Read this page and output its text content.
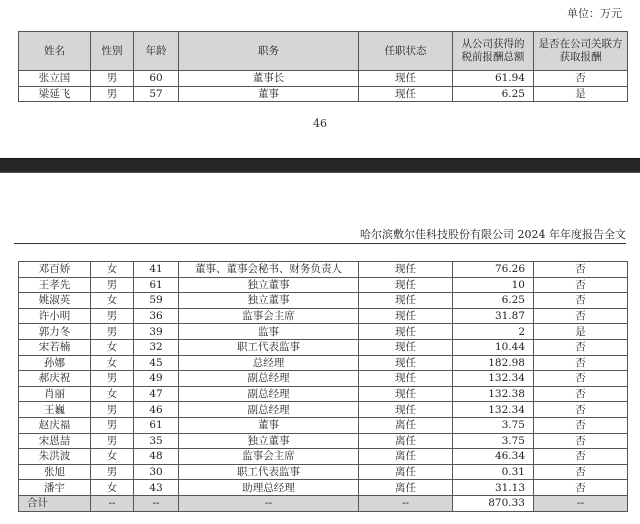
单位：万元
姓名	性别	年龄	职务	任职状态	从公司获得的税前报酬总额	是否在公司关联方获取报酬
张立国	男	60	董事长	现任	61.94	否
梁延飞	男	57	董事	现任	6.25	是
46
哈尔滨敷尔佳科技股份有限公司 2024 年年度报告全文
邓百娇	女	41	董事、董事会秘书、财务负责人	现任	76.26	否
王孝先	男	61	独立董事	现任	10	否
姚淑英	女	59	独立董事	现任	6.25	否
许小明	男	36	监事会主席	现任	31.87	否
郭力冬	男	39	监事	现任	2	是
宋若楠	女	32	职工代表监事	现任	10.44	否
孙娜	女	45	总经理	现任	182.98	否
郝庆祝	男	49	副总经理	现任	132.34	否
肖丽	女	47	副总经理	现任	132.38	否
王巍	男	46	副总经理	现任	132.34	否
赵庆福	男	61	董事	离任	3.75	否
宋恩喆	男	35	独立董事	离任	3.75	否
朱洪波	女	48	监事会主席	离任	46.34	否
张旭	男	30	职工代表监事	离任	0.31	否
潘宇	女	43	助理总经理	离任	31.13	否
合计	--	--	--	--	870.33	--
